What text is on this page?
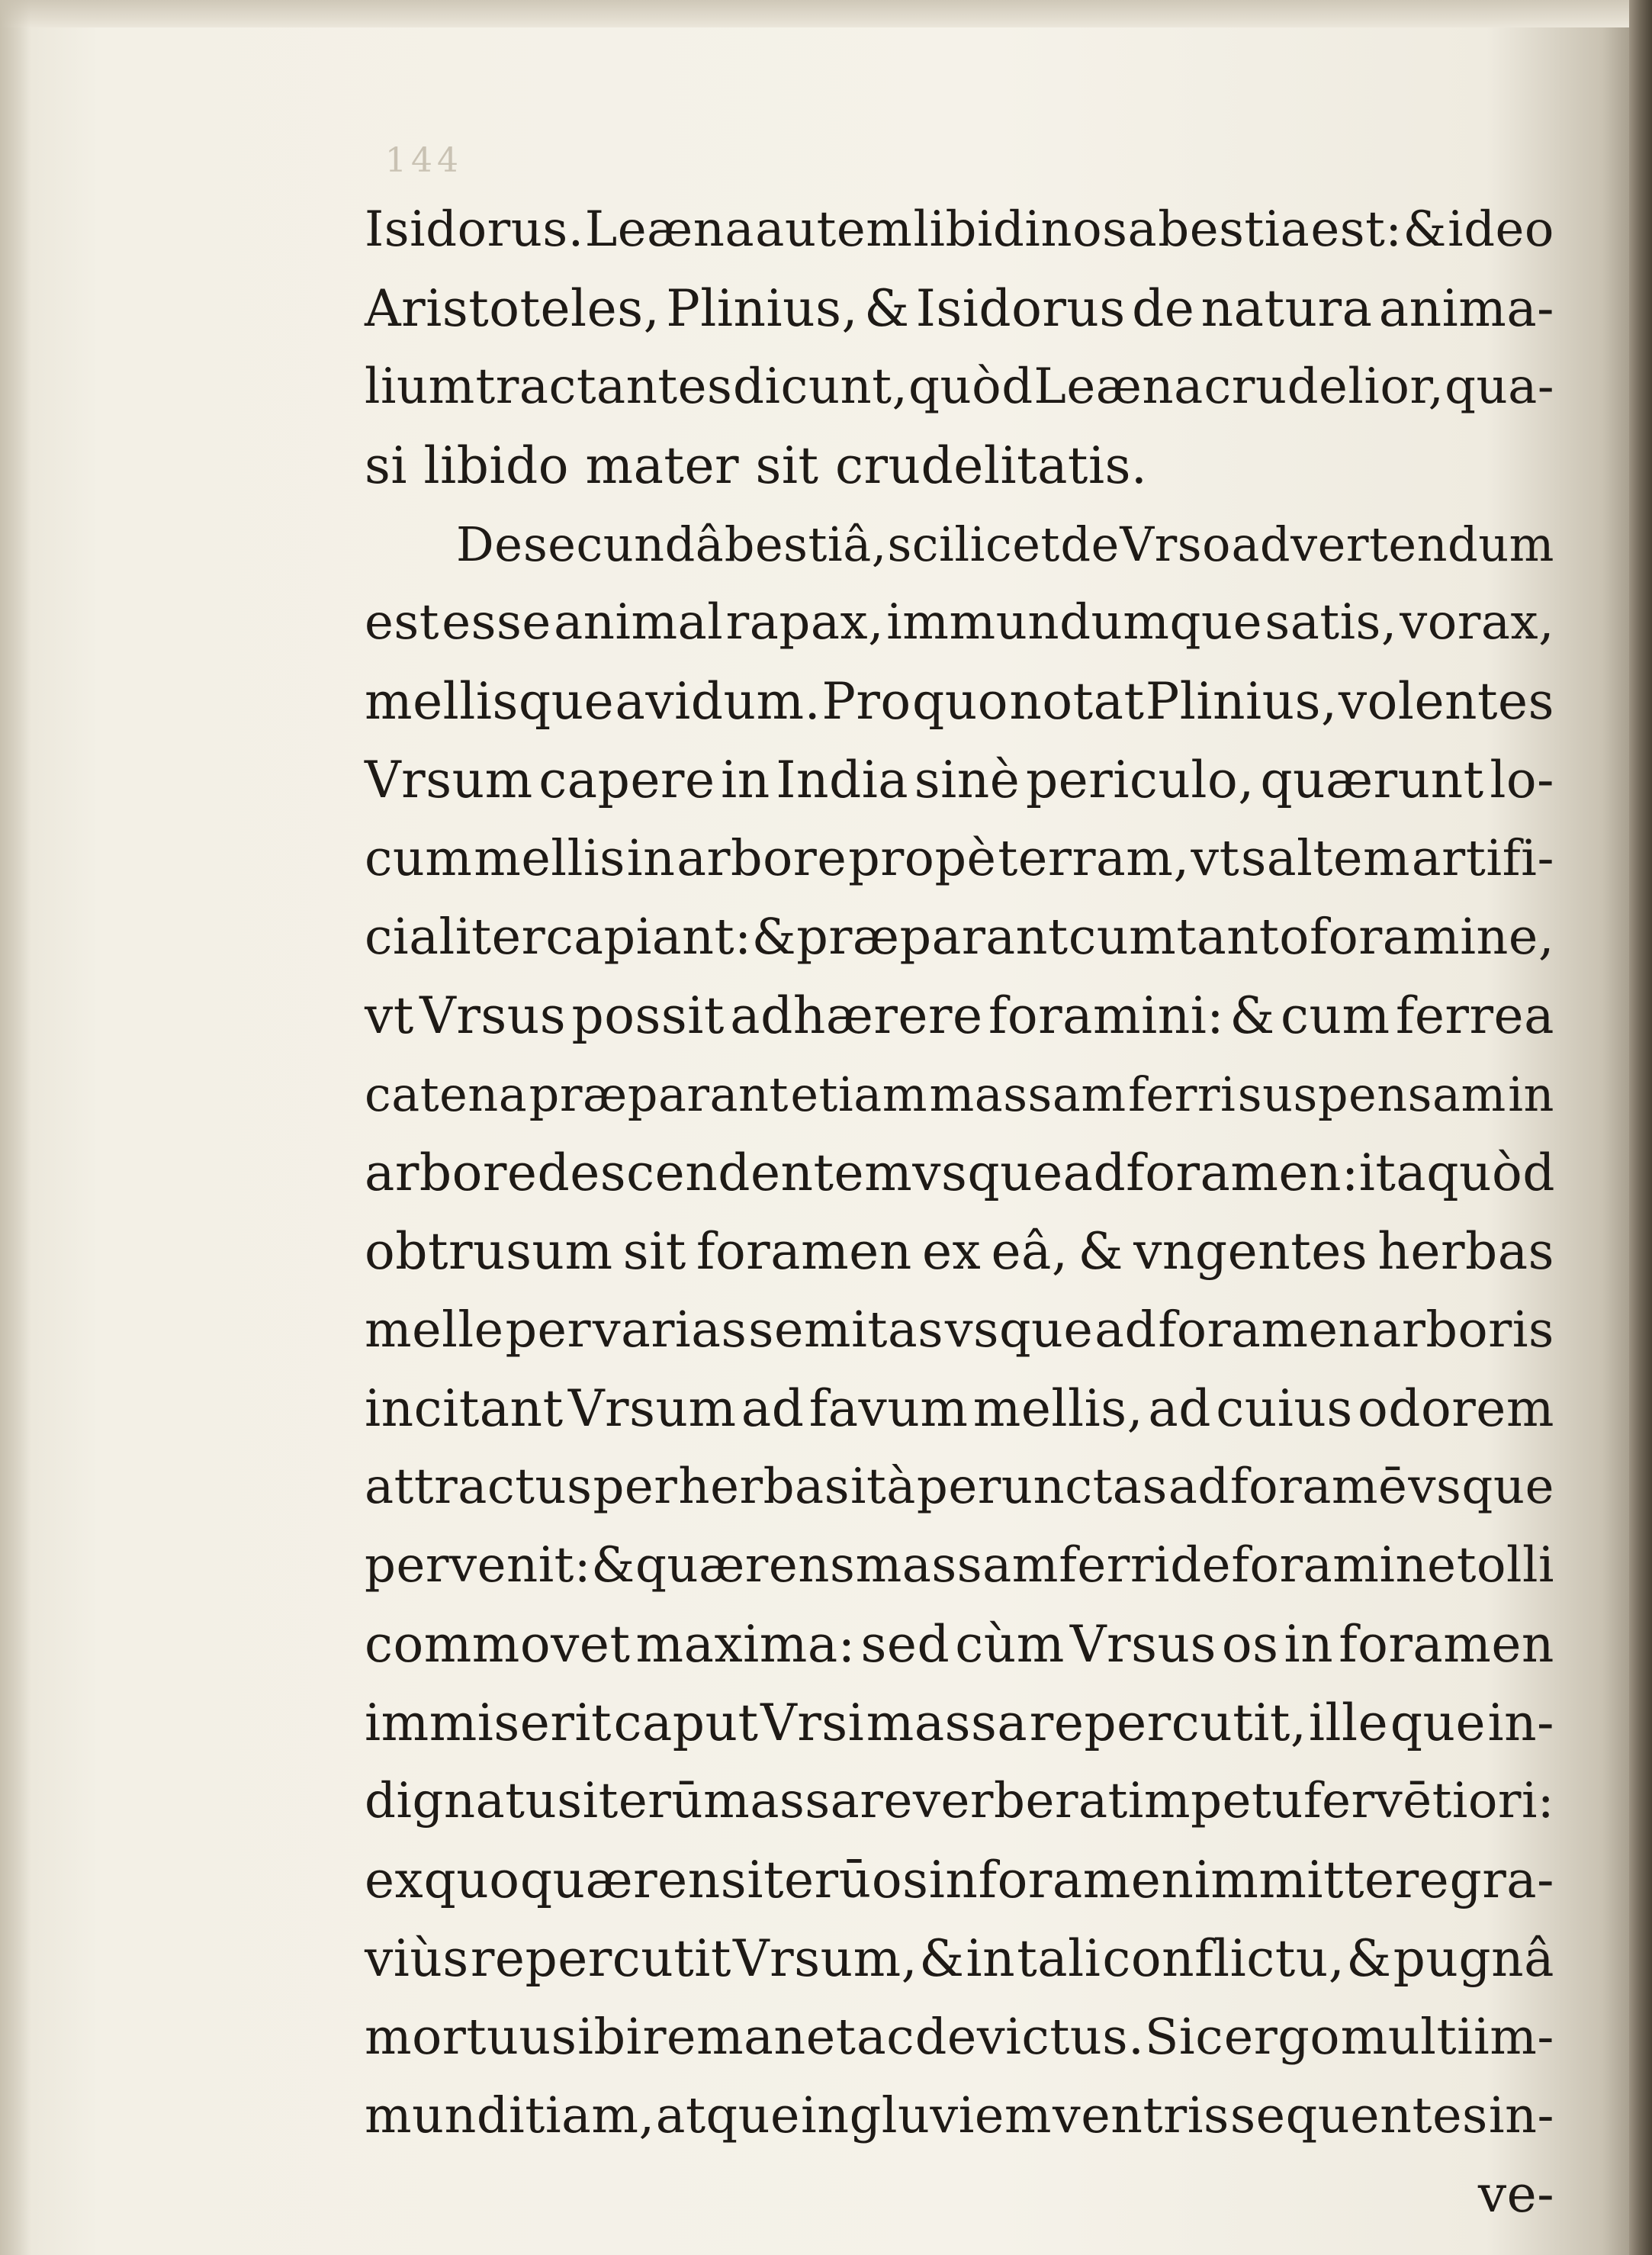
144
Isidorus. Leæna autem libidinosa bestia est: & ideo
Aristoteles, Plinius, & Isidorus de natura anima-
lium tractantes dicunt, quòd Leæna crudelior, qua-
si libido mater sit crudelitatis.
De secundâ bestiâ, scilicet de Vrso advertendum
est esse animal rapax, immundumque satis, vorax,
mellisque avidum. Pro quo notat Plinius, volentes
Vrsum capere in India sinè periculo, quærunt lo-
cum mellis in arbore propè terram, vt saltem artifi-
cialiter capiant: & præparant cum tanto foramine,
vt Vrsus possit adhærere foramini: & cum ferrea
catena præparant etiam massam ferri suspensam in
arbore descendentem vsque ad foramen: ita quòd
obtrusum sit foramen ex eâ, & vngentes herbas
melle per varias semitas vsque ad foramen arboris
incitant Vrsum ad favum mellis, ad cuius odorem
attractus per herbas ità perunctas ad foramē vsque
pervenit: & quærens massam ferri de foramine tolli
commovet maxima: sed cùm Vrsus os in foramen
immiserit caput Vrsi massa repercutit, ille que in-
dignatus iterū massa reverberat impetu fervētiori:
ex quo quærens iterū os in foramen immittere gra-
viùs repercutit Vrsum, & in tali conflictu, & pugnâ
mortuus ibi remanet ac devictus. Sic ergo multi im-
munditiam, atque ingluviem ventris sequentes in-
ve-
